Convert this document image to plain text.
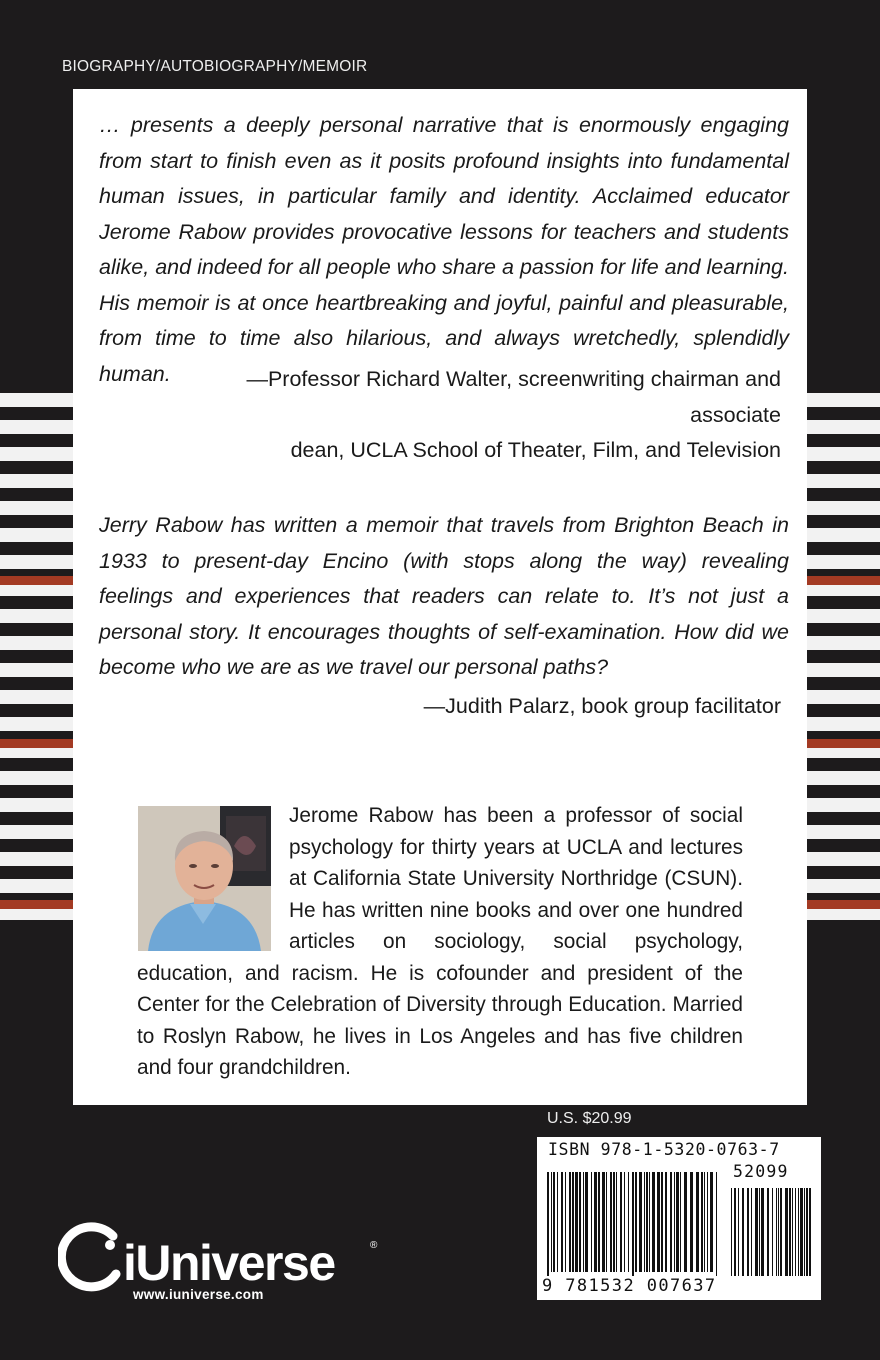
BIOGRAPHY/AUTOBIOGRAPHY/MEMOIR
… presents a deeply personal narrative that is enormously engaging from start to finish even as it posits profound insights into fundamental human issues, in particular family and identity. Acclaimed educator Jerome Rabow provides provocative lessons for teachers and students alike, and indeed for all people who share a passion for life and learning. His memoir is at once heartbreaking and joyful, painful and pleasurable, from time to time also hilarious, and always wretchedly, splendidly human.	—Professor Richard Walter, screenwriting chairman and associate
dean, UCLA School of Theater, Film, and Television
Jerry Rabow has written a memoir that travels from Brighton Beach in 1933 to present-day Encino (with stops along the way) revealing feelings and experiences that readers can relate to. It’s not just a personal story. It encourages thoughts of self-examination. How did we become who we are as we travel our personal paths?
—Judith Palarz, book group facilitator
Jerome Rabow has been a professor of social psychology for thirty years at UCLA and lectures at California State University Northridge (CSUN). He has written nine books and over one hundred articles on sociology, social psychology, education, and racism. He is cofounder and president of the Center for the Celebration of Diversity through Education. Married to Roslyn Rabow, he lives in Los Angeles and has five children and four grandchildren.
U.S. $20.99
ISBN 978-1-5320-0763-7
52099
9 781532 007637
iUniverse	®
www.iuniverse.com
